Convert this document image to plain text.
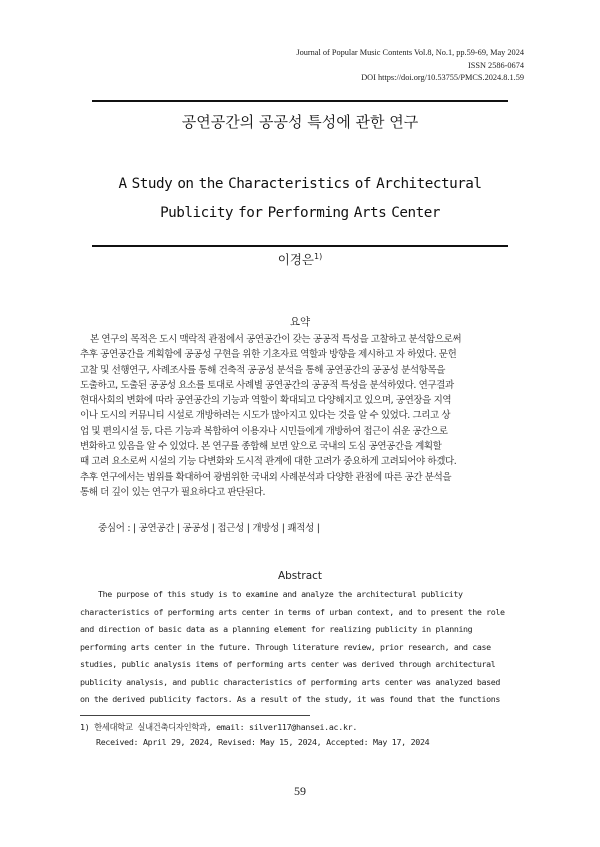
Journal of Popular Music Contents Vol.8, No.1, pp.59-69, May 2024
ISSN 2586-0674
DOI https://doi.org/10.53755/PMCS.2024.8.1.59
공연공간의 공공성 특성에 관한 연구
A Study on the Characteristics of Architectural
Publicity for Performing Arts Center
이경은$^{1)}$
요약
본 연구의 목적은 도시 맥락적 관점에서 공연공간이 갖는 공공적 특성을 고찰하고 분석함으로써
추후 공연공간을 계획함에 공공성 구현을 위한 기초자료 역할과 방향을 제시하고 자 하였다. 문헌
고찰 및 선행연구, 사례조사를 통해 건축적 공공성 분석을 통해 공연공간의 공공성 분석항목을
도출하고, 도출된 공공성 요소를 토대로 사례별 공연공간의 공공적 특성을 분석하였다. 연구결과
현대사회의 변화에 따라 공연공간의 기능과 역할이 확대되고 다양해지고 있으며, 공연장을 지역
이나 도시의 커뮤니티 시설로 개방하려는 시도가 많아지고 있다는 것을 알 수 있었다. 그리고 상
업 및 편의시설 등, 다른 기능과 복합하여 이용자나 시민들에게 개방하여 접근이 쉬운 공간으로
변화하고 있음을 알 수 있었다. 본 연구를 종합해 보면 앞으로 국내의 도심 공연공간을 계획할
때 고려 요소로써 시설의 기능 다변화와 도시적 관계에 대한 고려가 중요하게 고려되어야 하겠다.
추후 연구에서는 범위를 확대하여 광범위한 국내외 사례분석과 다양한 관점에 따른 공간 분석을
통해 더 깊이 있는 연구가 필요하다고 판단된다.
중심어 : | 공연공간 | 공공성 | 접근성 | 개방성 | 쾌적성 |
Abstract
The purpose of this study is to examine and analyze the architectural publicity
characteristics of performing arts center in terms of urban context, and to present the role
and direction of basic data as a planning element for realizing publicity in planning
performing arts center in the future. Through literature review, prior research, and case
studies, public analysis items of performing arts center was derived through architectural
publicity analysis, and public characteristics of performing arts center was analyzed based
on the derived publicity factors. As a result of the study, it was found that the functions
1) 한세대학교 실내건축디자인학과, email: silver117@hansei.ac.kr.
Received: April 29, 2024, Revised: May 15, 2024, Accepted: May 17, 2024
59
